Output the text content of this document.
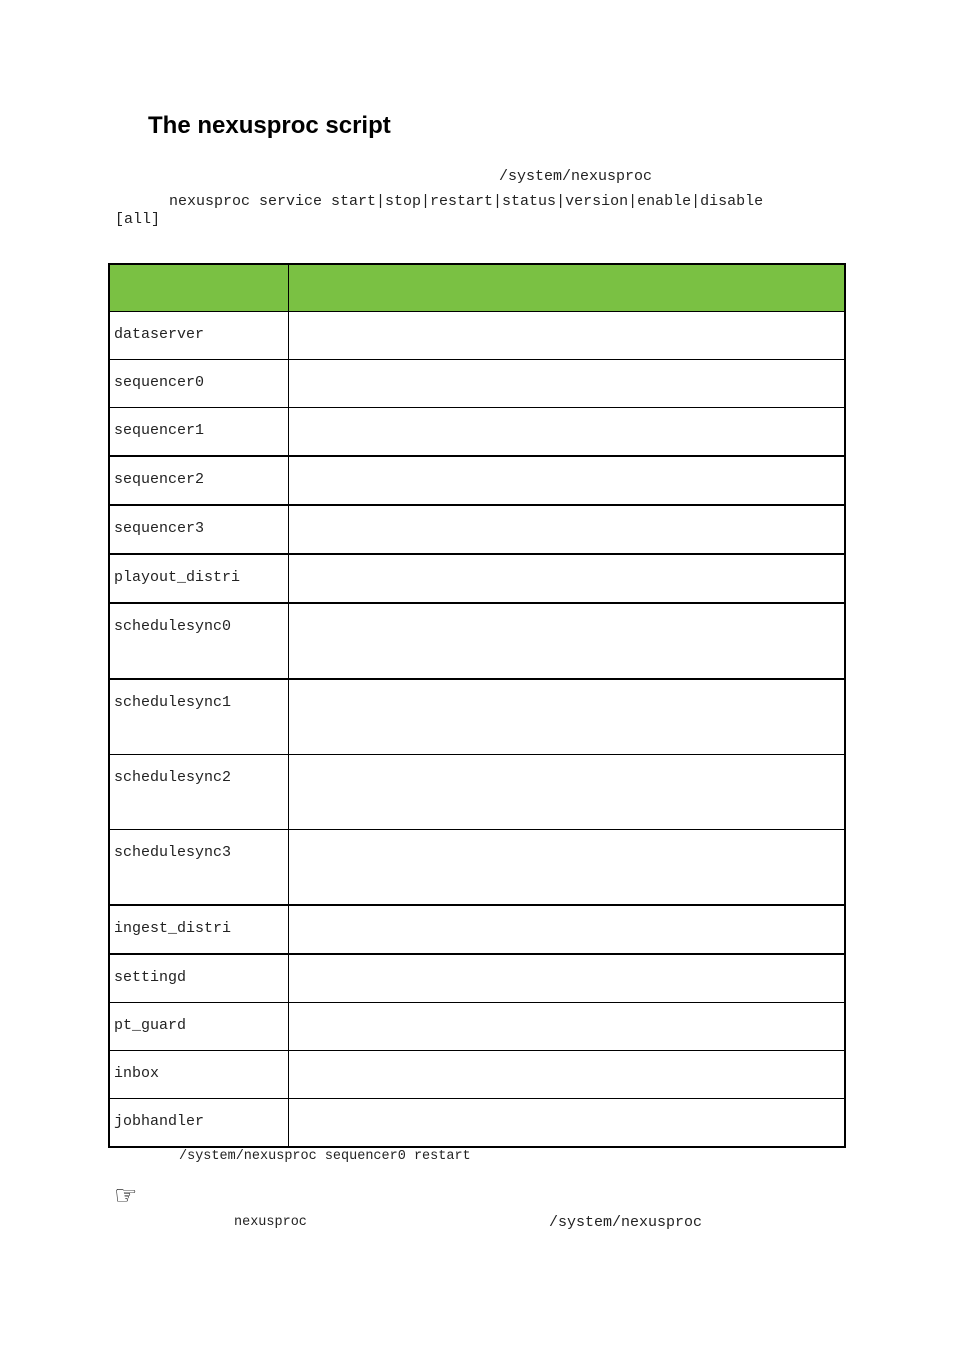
The nexusproc script
/system/nexusproc
nexusproc service start|stop|restart|status|version|enable|disable
[all]

dataserver	
sequencer0	
sequencer1	
sequencer2	
sequencer3	
playout_distri	
schedulesync0	
schedulesync1	
schedulesync2	
schedulesync3	
ingest_distri	
settingd	
pt_guard	
inbox	
jobhandler	
/system/nexusproc sequencer0 restart
☞
nexusproc	/system/nexusproc
